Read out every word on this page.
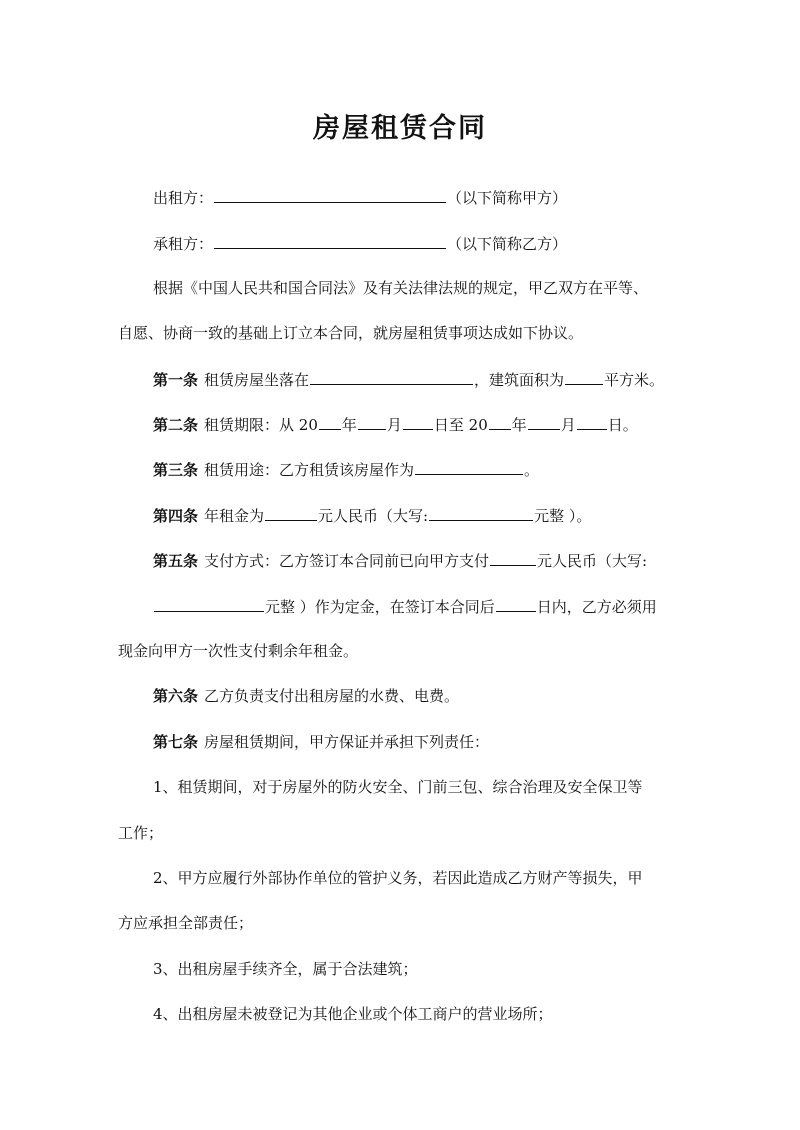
房屋租赁合同
出租方：	（以下简称甲方）
承租方：	（以下简称乙方）
根据《中国人民共和国合同法》及有关法律法规的规定，甲乙双方在平等、
自愿、协商一致的基础上订立本合同，就房屋租赁事项达成如下协议。
第一条 租赁房屋坐落在	，建筑面积为	平方米。
第二条 租赁期限：从 20 年 月 日至 20 年 月 日。
第三条 租赁用途：乙方租赁该房屋作为	。
第四条 年租金为	元人民币（大写:	元整 ）。
第五条 支付方式：乙方签订本合同前已向甲方支付	元人民币（大写:
元整 ）作为定金，在签订本合同后	日内，乙方必须用
现金向甲方一次性支付剩余年租金。
第六条 乙方负责支付出租房屋的水费、电费。
第七条 房屋租赁期间，甲方保证并承担下列责任：
1、租赁期间，对于房屋外的防火安全、门前三包、综合治理及安全保卫等
工作；
2、甲方应履行外部协作单位的管护义务，若因此造成乙方财产等损失，甲
方应承担全部责任；
3、出租房屋手续齐全，属于合法建筑；
4、出租房屋未被登记为其他企业或个体工商户的营业场所；
